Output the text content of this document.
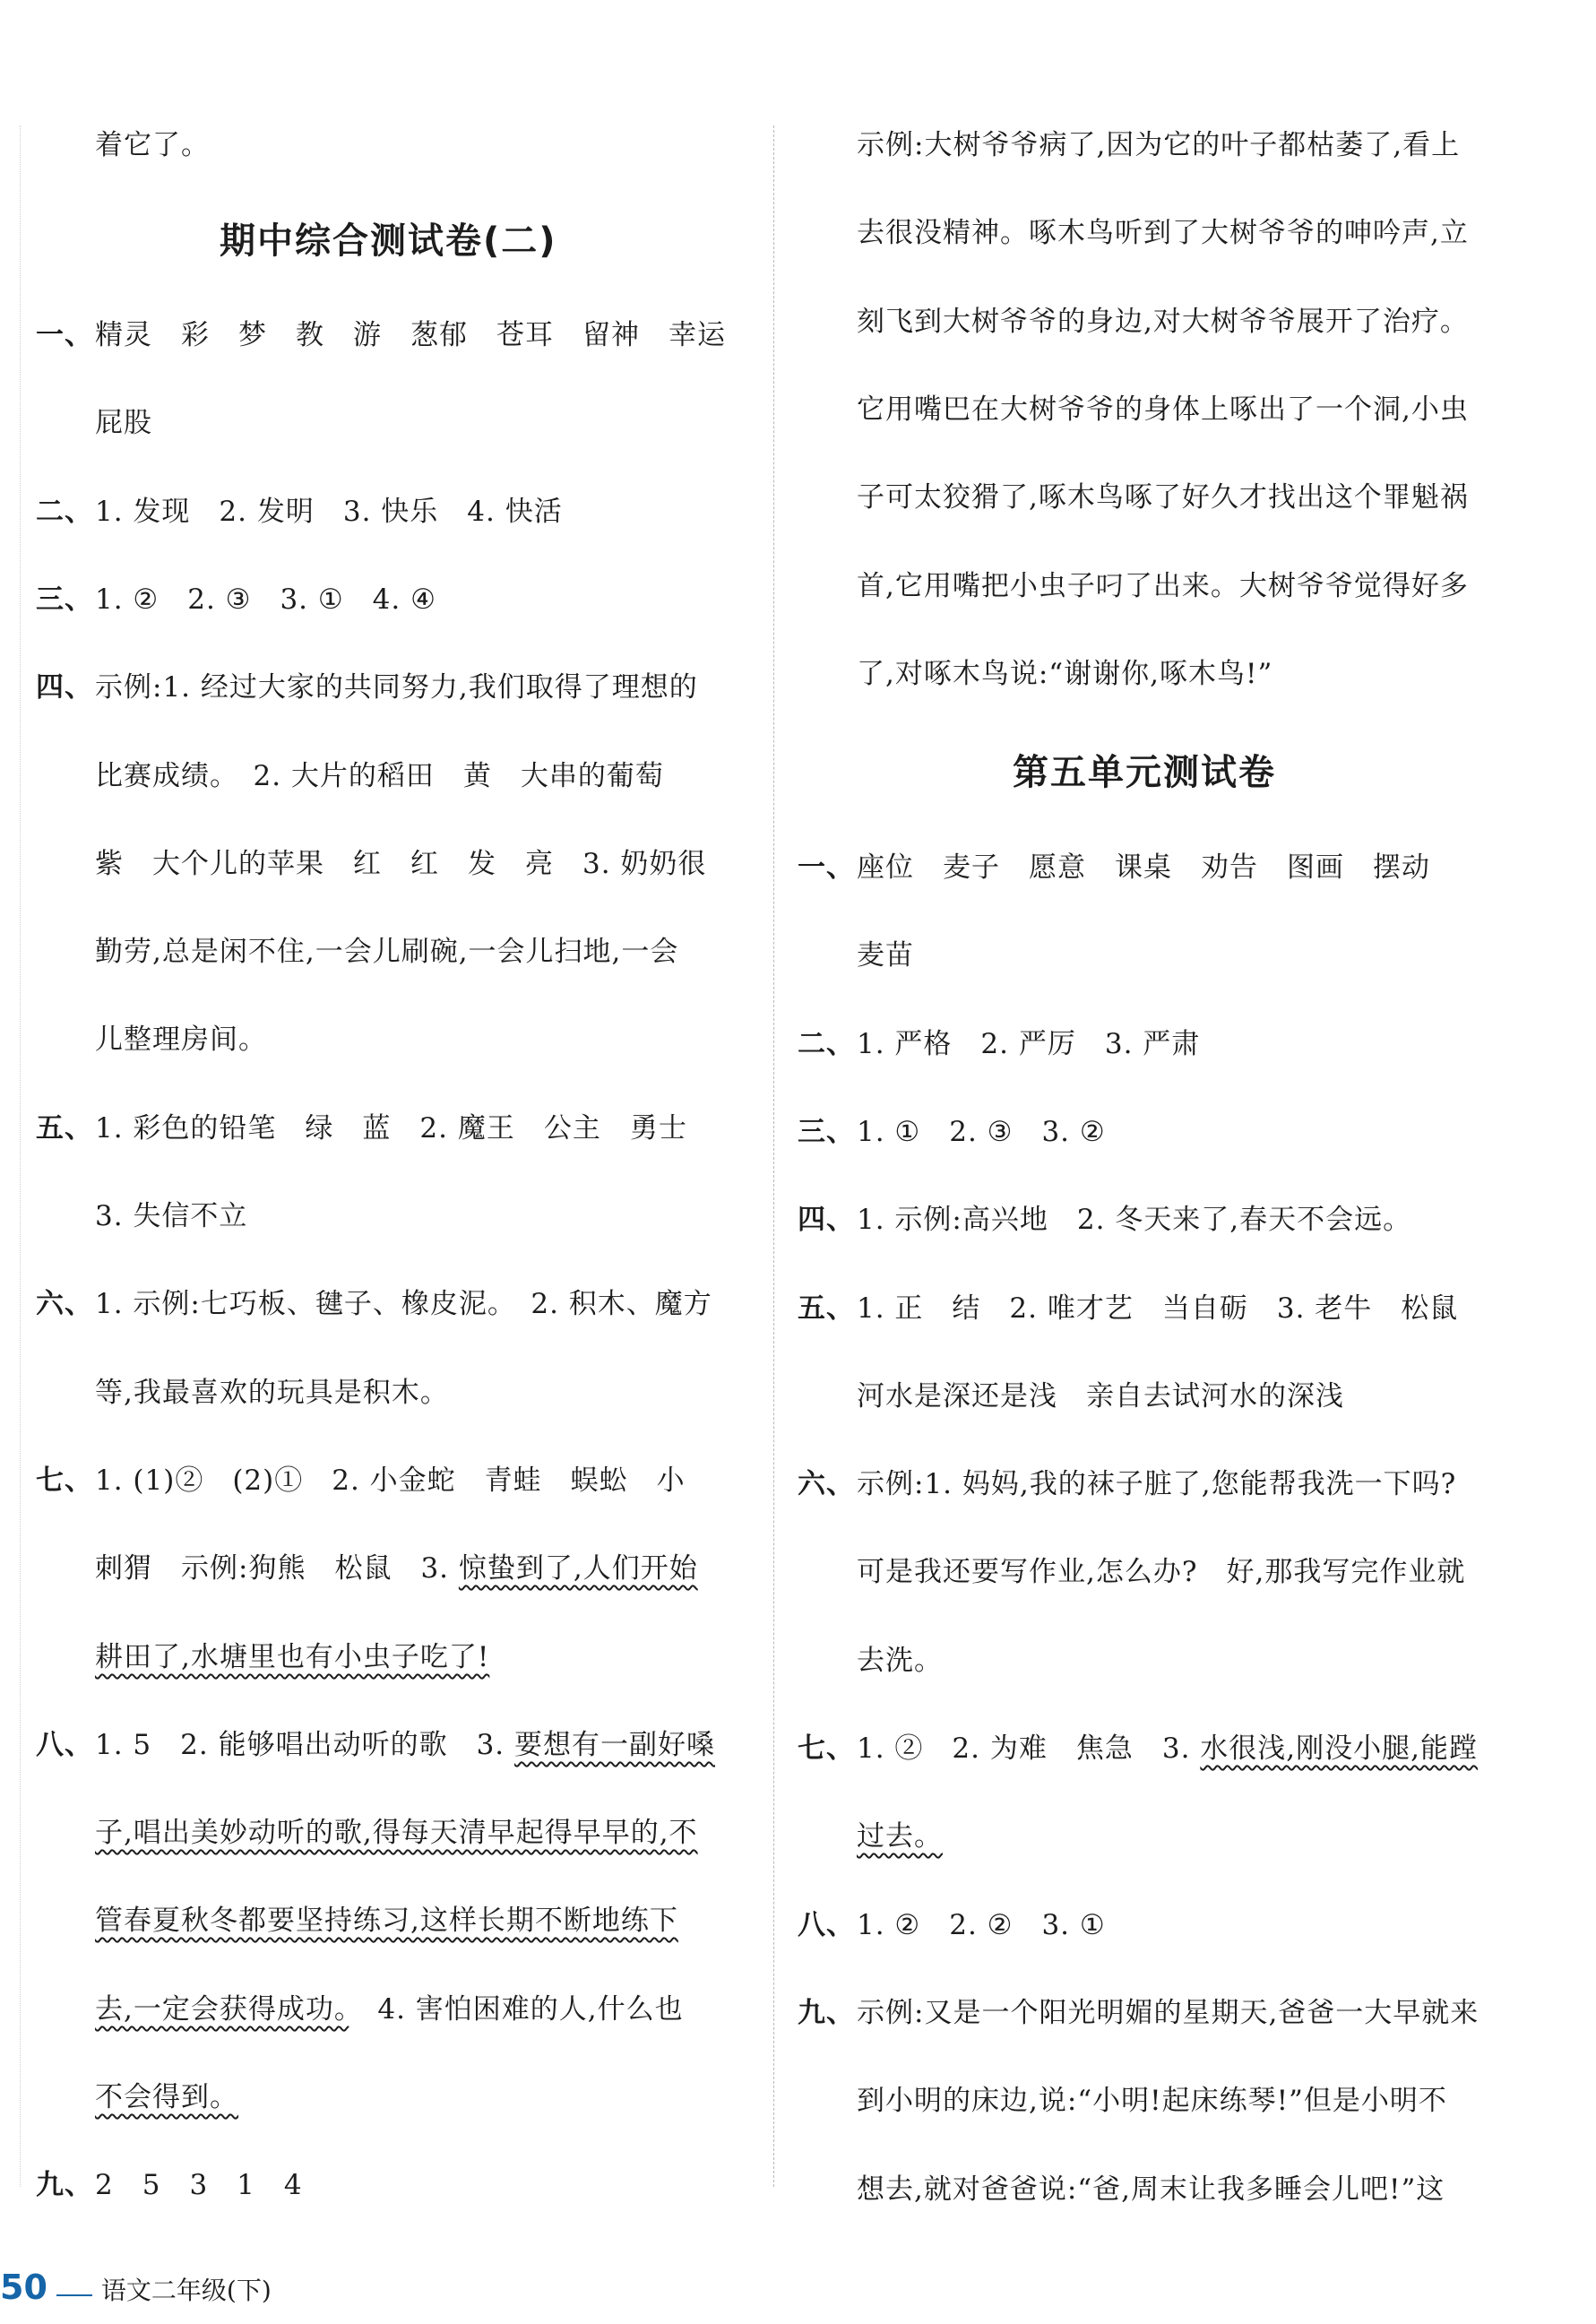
着它了。
期中综合测试卷(二)
一、精灵　彩　梦　教　游　葱郁　苍耳　留神　幸运
屁股
二、1. 发现　2. 发明　3. 快乐　4. 快活
三、1. ②　2. ③　3. ①　4. ④
四、示例:1. 经过大家的共同努力,我们取得了理想的
比赛成绩。　2. 大片的稻田　黄　大串的葡萄
紫　大个儿的苹果　红　红　发　亮　3. 奶奶很
勤劳,总是闲不住,一会儿刷碗,一会儿扫地,一会
儿整理房间。
五、1. 彩色的铅笔　绿　蓝　2. 魔王　公主　勇士
3. 失信不立
六、1. 示例:七巧板、毽子、橡皮泥。　2. 积木、魔方
等,我最喜欢的玩具是积木。
七、1. (1)②　(2)①　2. 小金蛇　青蛙　蜈蚣　小
刺猬　示例:狗熊　松鼠　3. 惊蛰到了,人们开始
耕田了,水塘里也有小虫子吃了!
八、1. 5　2. 能够唱出动听的歌　3. 要想有一副好嗓
子,唱出美妙动听的歌,得每天清早起得早早的,不
管春夏秋冬都要坚持练习,这样长期不断地练下
去,一定会获得成功。　4. 害怕困难的人,什么也
不会得到。
九、2　5　3　1　4
示例:大树爷爷病了,因为它的叶子都枯萎了,看上
去很没精神。啄木鸟听到了大树爷爷的呻吟声,立
刻飞到大树爷爷的身边,对大树爷爷展开了治疗。
它用嘴巴在大树爷爷的身体上啄出了一个洞,小虫
子可太狡猾了,啄木鸟啄了好久才找出这个罪魁祸
首,它用嘴把小虫子叼了出来。大树爷爷觉得好多
了,对啄木鸟说:“谢谢你,啄木鸟!”
第五单元测试卷
一、座位　麦子　愿意　课桌　劝告　图画　摆动
麦苗
二、1. 严格　2. 严厉　3. 严肃
三、1. ①　2. ③　3. ②
四、1. 示例:高兴地　2. 冬天来了,春天不会远。
五、1. 正　结　2. 唯才艺　当自砺　3. 老牛　松鼠
河水是深还是浅　亲自去试河水的深浅
六、示例:1. 妈妈,我的袜子脏了,您能帮我洗一下吗?
可是我还要写作业,怎么办?　好,那我写完作业就
去洗。
七、1. ②　2. 为难　焦急　3. 水很浅,刚没小腿,能蹚
过去。
八、1. ②　2. ②　3. ①
九、示例:又是一个阳光明媚的星期天,爸爸一大早就来
到小明的床边,说:“小明!起床练琴!”但是小明不
想去,就对爸爸说:“爸,周末让我多睡会儿吧!”这
50 语文二年级(下)
